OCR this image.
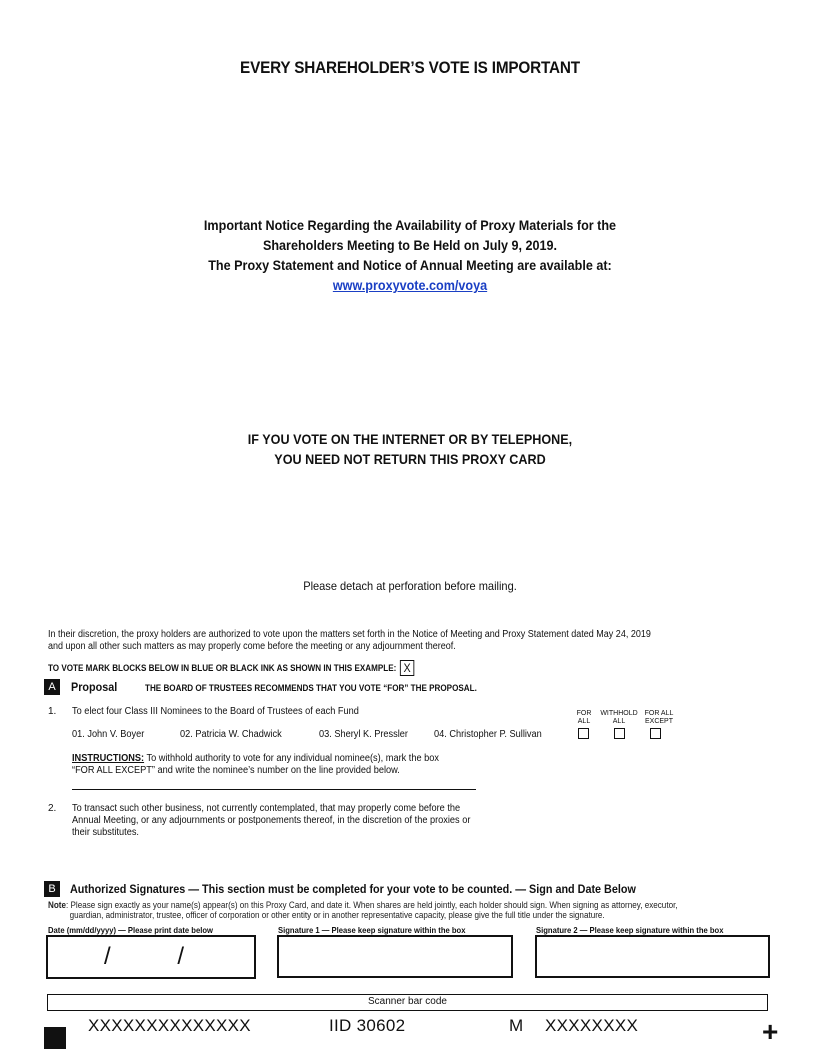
EVERY SHAREHOLDER’S VOTE IS IMPORTANT
Important Notice Regarding the Availability of Proxy Materials for the
Shareholders Meeting to Be Held on July 9, 2019.
The Proxy Statement and Notice of Annual Meeting are available at:
www.proxyvote.com/voya
IF YOU VOTE ON THE INTERNET OR BY TELEPHONE,
YOU NEED NOT RETURN THIS PROXY CARD
Please detach at perforation before mailing.
In their discretion, the proxy holders are authorized to vote upon the matters set forth in the Notice of Meeting and Proxy Statement dated May 24, 2019
and upon all other such matters as may properly come before the meeting or any adjournment thereof.
TO VOTE MARK BLOCKS BELOW IN BLUE OR BLACK INK AS SHOWN IN THIS EXAMPLE: X
A	Proposal	THE BOARD OF TRUSTEES RECOMMENDS THAT YOU VOTE “FOR” THE PROPOSAL.
FOR
ALL
WITHHOLD
ALL
FOR ALL
EXCEPT
1. To elect four Class III Nominees to the Board of Trustees of each Fund
01. John V. Boyer	02. Patricia W. Chadwick	03. Sheryl K. Pressler	04. Christopher P. Sullivan
INSTRUCTIONS: To withhold authority to vote for any individual nominee(s), mark the box
“FOR ALL EXCEPT” and write the nominee’s number on the line provided below.
2. To transact such other business, not currently contemplated, that may properly come before the
Annual Meeting, or any adjournments or postponements thereof, in the discretion of the proxies or
their substitutes.
B	Authorized Signatures — This section must be completed for your vote to be counted. — Sign and Date Below
Note: Please sign exactly as your name(s) appear(s) on this Proxy Card, and date it. When shares are held jointly, each holder should sign. When signing as attorney, executor,
guardian, administrator, trustee, officer of corporation or other entity or in another representative capacity, please give the full title under the signature.
Date (mm/dd/yyyy) — Please print date below	Signature 1 — Please keep signature within the box	Signature 2 — Please keep signature within the box
/          /
Scanner bar code
XXXXXXXXXXXXXX	IID 30602	M XXXXXXXX	+
